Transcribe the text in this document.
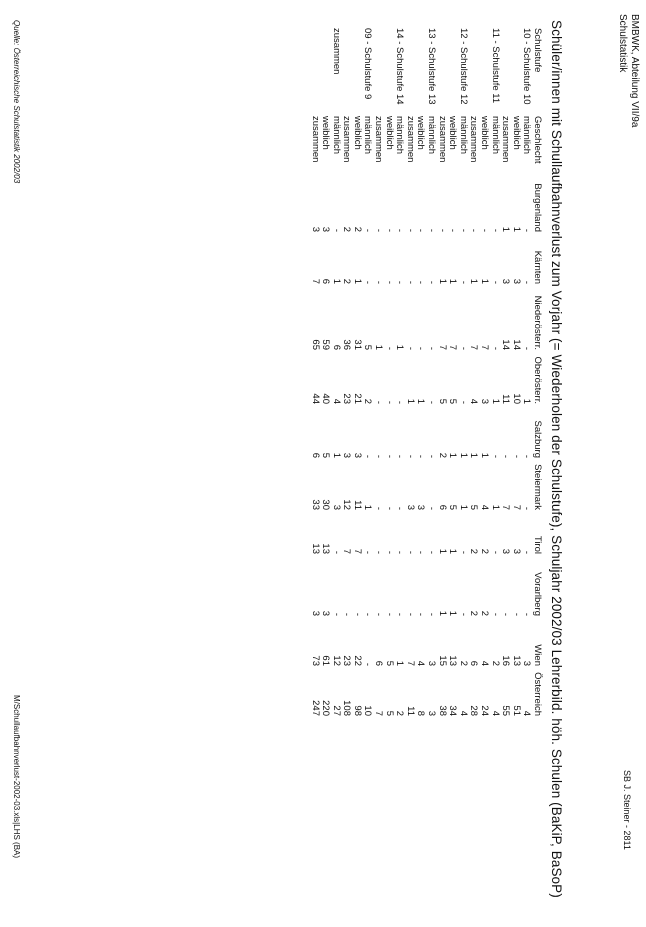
BMBWK, Abteilung VII/9a
Schulstatistik
SB J. Steiner - 2811
Schüler/innen mit Schullaufbahnverlust zum Vorjahr (= Wiederholen der Schulstufe), Schuljahr 2002/03 Lehrerbild. höh. Schulen (BaKiP, BaSoP)
Schulstufe	Geschlecht	Burgenland	Kärnten	Niederösterr.	Oberösterr.	Salzburg	Steiermark	Tirol	Vorarlberg	Wien	Österreich
10 - Schulstufe 10	männlich	-	-	-	1	-	-	-	-	3	4
	weiblich	1	3	14	10	-	7	3	-	13	51
	zusammen	1	3	14	11	-	7	3	-	16	55
11 - Schulstufe 11	männlich	-	-	-	1	-	1	-	-	2	4
	weiblich	-	1	7	3	1	4	2	2	4	24
	zusammen	-	1	7	4	1	5	2	2	6	28
12 - Schulstufe 12	männlich	-	-	-	-	1	1	-	-	2	4
	weiblich	-	1	7	5	1	5	1	1	13	34
	zusammen	-	1	7	5	2	6	1	1	15	38
13 - Schulstufe 13	männlich	-	-	-	-	-	-	-	-	3	3
	weiblich	-	-	-	1	-	3	-	-	4	8
	zusammen	-	-	-	1	-	3	-	-	7	11
14 - Schulstufe 14	männlich	-	-	1	-	-	-	-	-	1	2
	weiblich	-	-	-	-	-	-	-	-	5	5
	zusammen	-	-	1	-	-	-	-	-	6	7
09 - Schulstufe 9	männlich	-	-	5	2	-	1	-	-	-	10
	weiblich	2	1	31	21	3	11	7	-	22	98
	zusammen	2	2	36	23	3	12	7	-	23	108
zusammen	männlich	-	1	6	4	1	3	-	-	12	27
	weiblich	3	6	59	40	5	30	13	3	61	220
	zusammen	3	7	65	44	6	33	13	3	73	247
Quelle: Österreichische Schulstatistik 2002/03
M/Schullaufbahnverlust-2002-03.xls|LHS (BA)
